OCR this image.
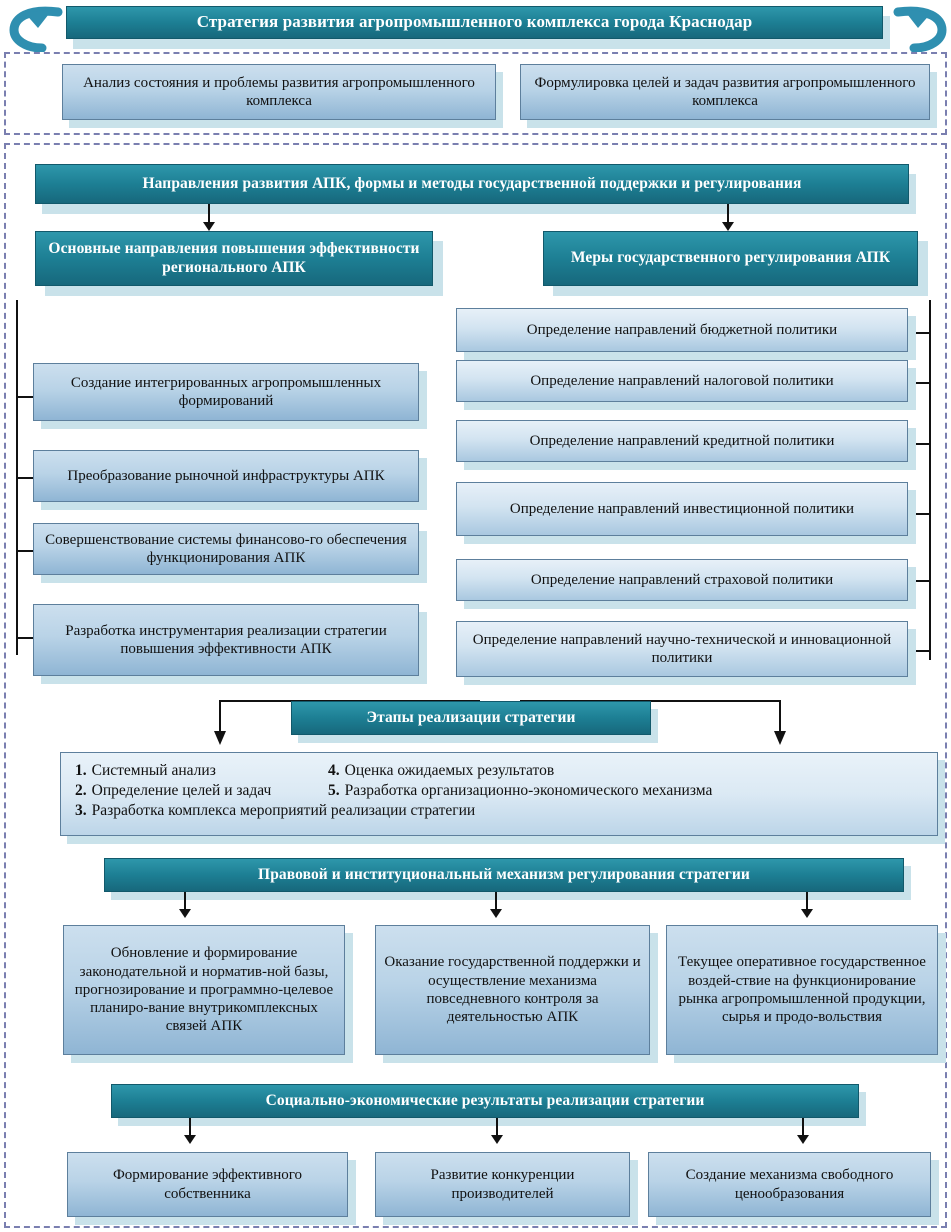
Стратегия развития агропромышленного комплекса города Краснодар
Анализ состояния и проблемы развития агропромышленного комплекса
Формулировка целей и задач развития агропромышленного комплекса
Направления развития АПК, формы и методы государственной поддержки и регулирования
Основные направления повышения эффективности регионального АПК
Меры государственного регулирования АПК
Создание интегрированных агропромышленных формирований
Преобразование рыночной инфраструктуры АПК
Совершенствование системы финансово-го обеспечения функционирования АПК
Разработка инструментария реализации стратегии повышения эффективности АПК
Определение направлений бюджетной политики
Определение направлений налоговой политики
Определение направлений кредитной политики
Определение направлений инвестиционной политики
Определение направлений страховой политики
Определение направлений научно-технической и инновационной политики
Этапы реализации стратегии
1. Системный анализ	4. Оценка ожидаемых результатов
2. Определение целей и задач	5. Разработка организационно-экономического механизма
3. Разработка комплекса мероприятий реализации стратегии
Правовой и институциональный механизм регулирования стратегии
Обновление и формирование законодательной и норматив-ной базы, прогнозирование и программно-целевое планиро-вание внутрикомплексных связей АПК
Оказание государственной поддержки и осуществление механизма повседневного контроля за деятельностью АПК
Текущее оперативное государственное воздей-ствие на функционирование рынка агропромышленной продукции, сырья и продо-вольствия
Социально-экономические результаты реализации стратегии
Формирование эффективного собственника
Развитие конкуренции производителей
Создание механизма свободного ценообразования
